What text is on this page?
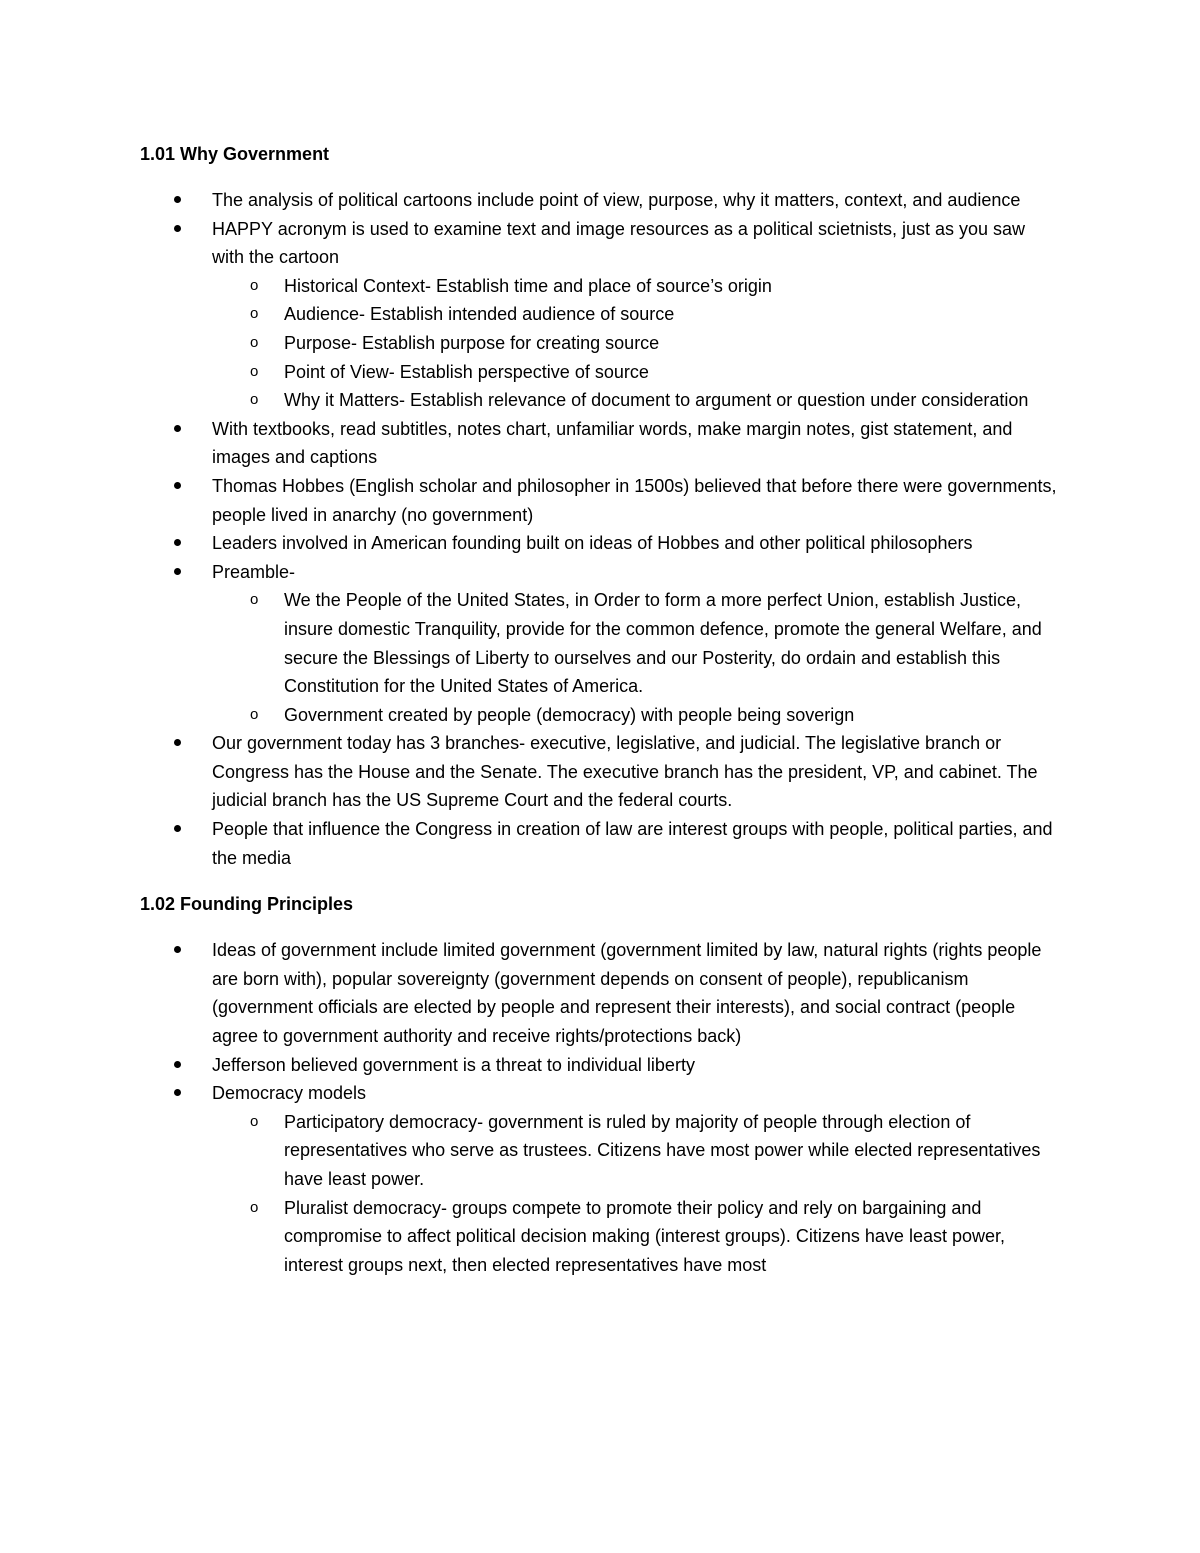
1.01 Why Government
The analysis of political cartoons include point of view, purpose, why it matters, context, and audience
HAPPY acronym is used to examine text and image resources as a political scietnists, just as you saw with the cartoon
o Historical Context- Establish time and place of source’s origin
o Audience- Establish intended audience of source
o Purpose- Establish purpose for creating source
o Point of View- Establish perspective of source
o Why it Matters- Establish relevance of document to argument or question under consideration
With textbooks, read subtitles, notes chart, unfamiliar words, make margin notes, gist statement, and images and captions
Thomas Hobbes (English scholar and philosopher in 1500s) believed that before there were governments, people lived in anarchy (no government)
Leaders involved in American founding built on ideas of Hobbes and other political philosophers
Preamble-
o We the People of the United States, in Order to form a more perfect Union, establish Justice, insure domestic Tranquility, provide for the common defence, promote the general Welfare, and secure the Blessings of Liberty to ourselves and our Posterity, do ordain and establish this Constitution for the United States of America.
o Government created by people (democracy) with people being soverign
Our government today has 3 branches- executive, legislative, and judicial. The legislative branch or Congress has the House and the Senate. The executive branch has the president, VP, and cabinet. The judicial branch has the US Supreme Court and the federal courts.
People that influence the Congress in creation of law are interest groups with people, political parties, and the media
1.02 Founding Principles
Ideas of government include limited government (government limited by law, natural rights (rights people are born with), popular sovereignty (government depends on consent of people), republicanism (government officials are elected by people and represent their interests), and social contract (people agree to government authority and receive rights/protections back)
Jefferson believed government is a threat to individual liberty
Democracy models
o Participatory democracy- government is ruled by majority of people through election of representatives who serve as trustees. Citizens have most power while elected representatives have least power.
o Pluralist democracy- groups compete to promote their policy and rely on bargaining and compromise to affect political decision making (interest groups). Citizens have least power, interest groups next, then elected representatives have most
